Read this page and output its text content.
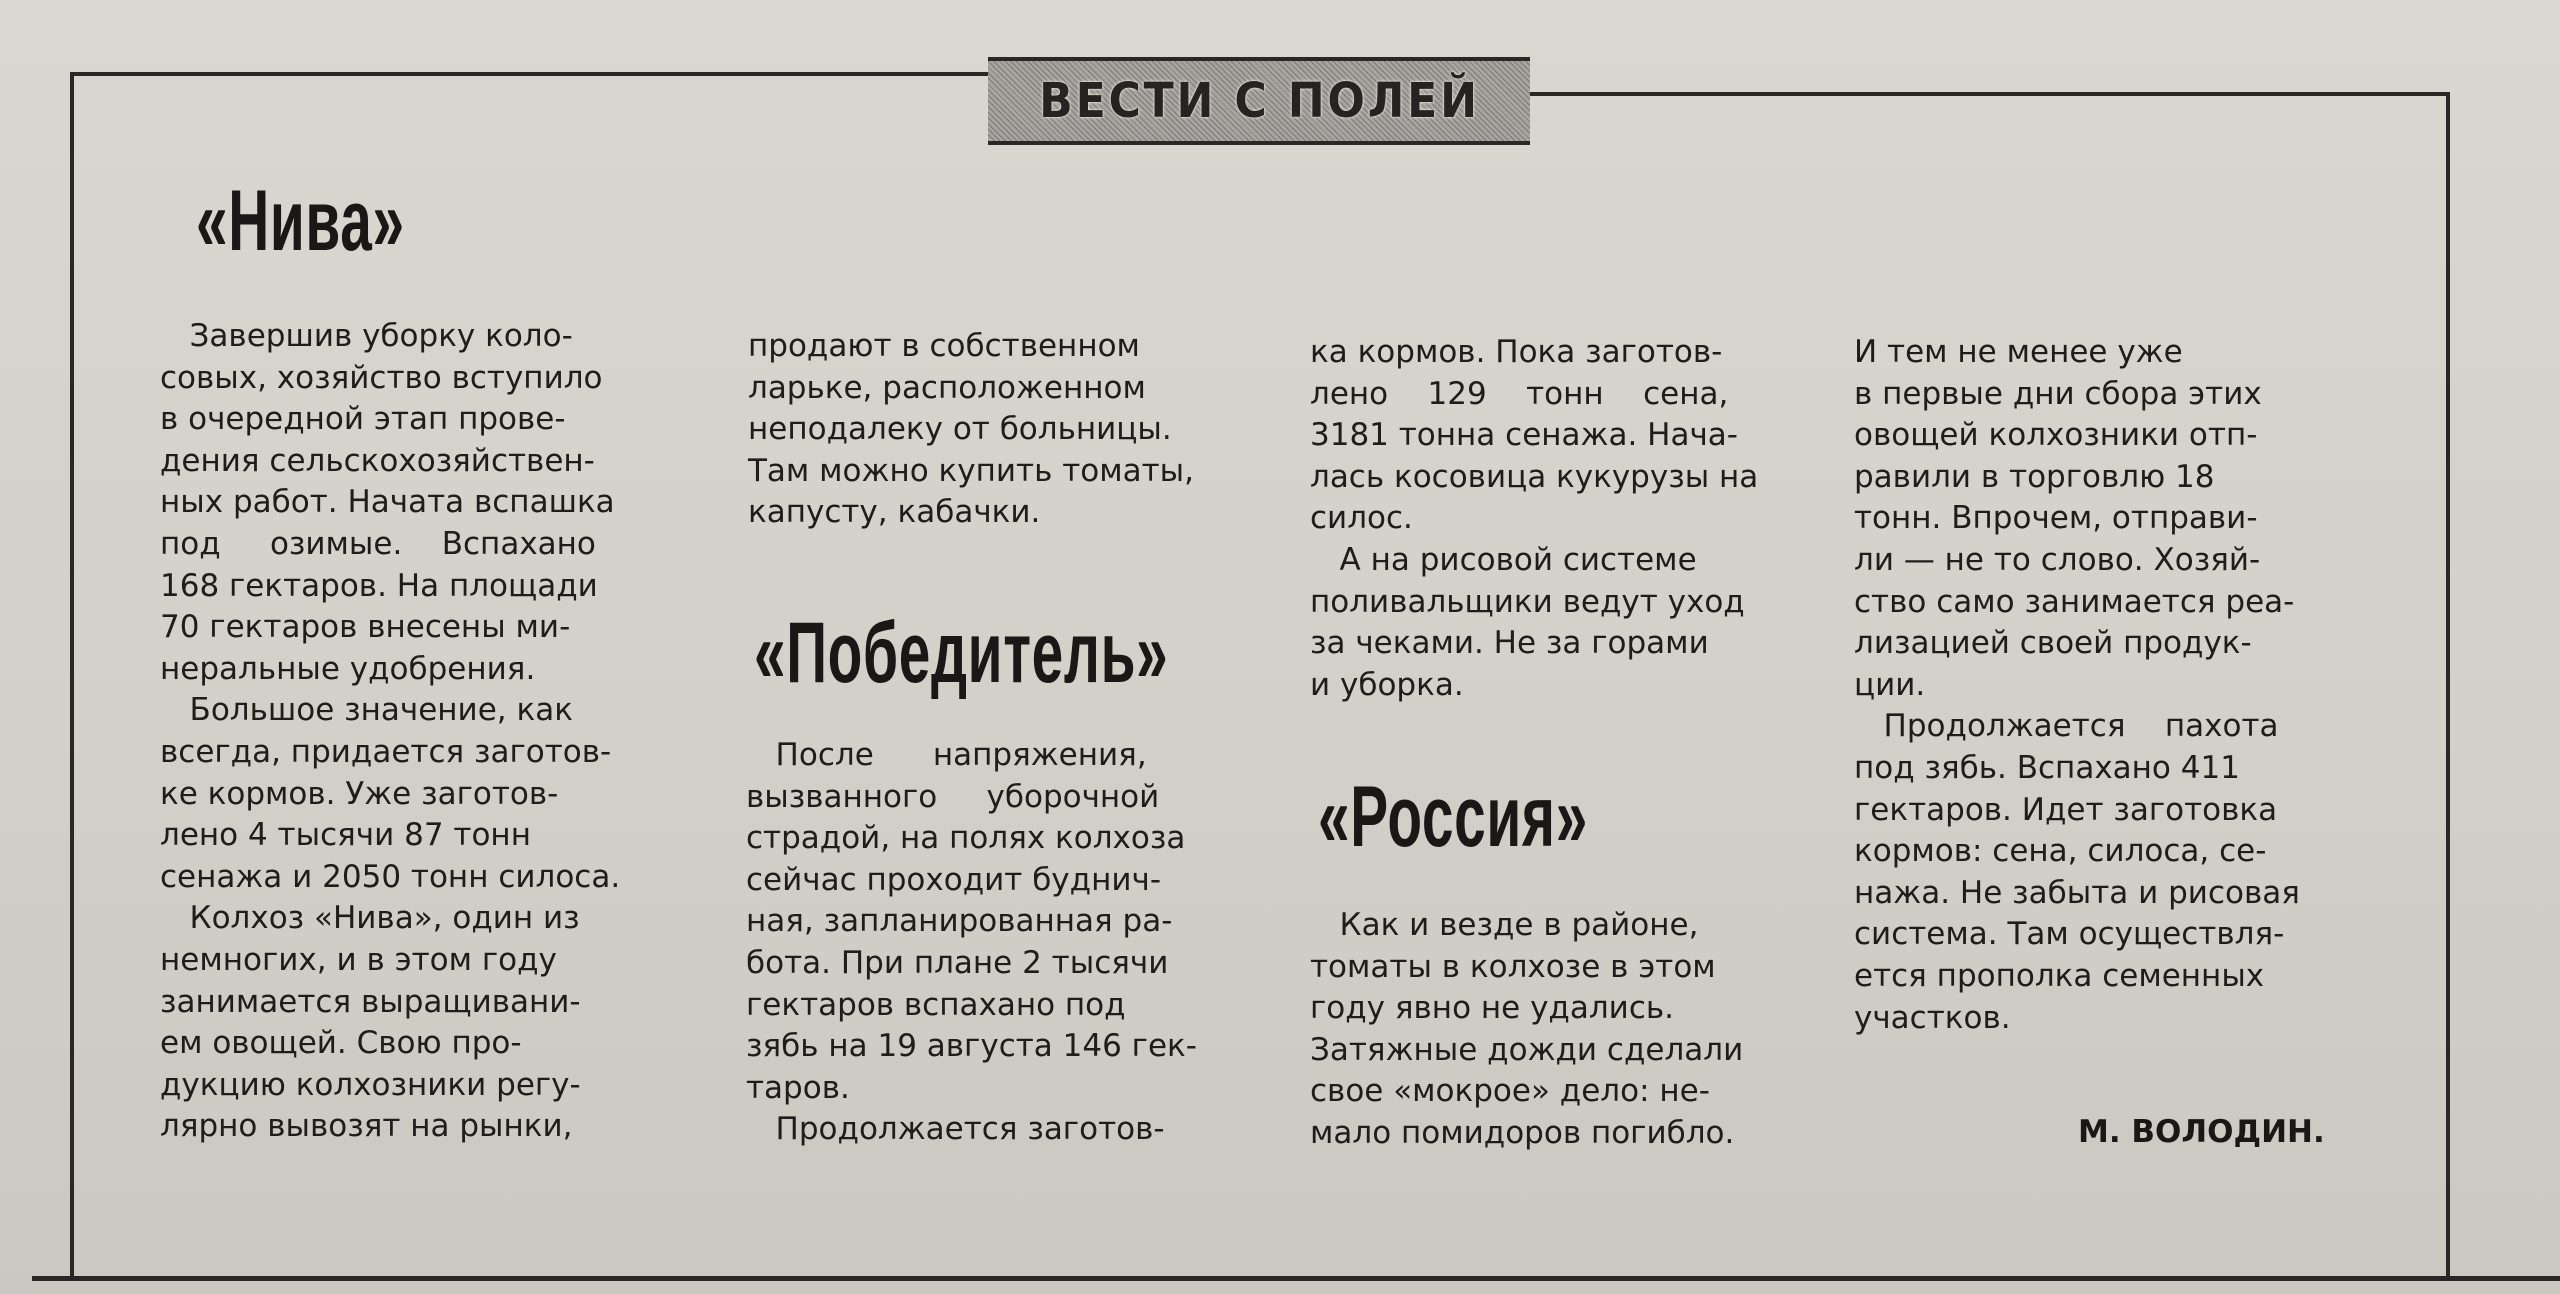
ВЕСТИ С ПОЛЕЙ
«Нива»
Завершив уборку коло-
совых, хозяйство вступило
в очередной этап прове-
дения сельскохозяйствен-
ных работ. Начата вспашка
под     озимые.    Вспахано
168 гектаров. На площади
70 гектаров внесены ми-
неральные удобрения.
Большое значение, как
всегда, придается заготов-
ке кормов. Уже заготов-
лено 4 тысячи 87 тонн
сенажа и 2050 тонн силоса.
Колхоз «Нива», один из
немногих, и в этом году
занимается выращивани-
ем овощей. Свою про-
дукцию колхозники регу-
лярно вывозят на рынки,
продают в собственном
ларьке, расположенном
неподалеку от больницы.
Там можно купить томаты,
капусту, кабачки.
«Победитель»
После      напряжения,
вызванного     уборочной
страдой, на полях колхоза
сейчас проходит буднич-
ная, запланированная ра-
бота. При плане 2 тысячи
гектаров вспахано под
зябь на 19 августа 146 гек-
таров.
Продолжается заготов-
ка кормов. Пока заготов-
лено    129    тонн    сена,
3181 тонна сенажа. Нача-
лась косовица кукурузы на
силос.
А на рисовой системе
поливальщики ведут уход
за чеками. Не за горами
и уборка.
«Россия»
Как и везде в районе,
томаты в колхозе в этом
году явно не удались.
Затяжные дожди сделали
свое «мокрое» дело: не-
мало помидоров погибло.
И тем не менее уже
в первые дни сбора этих
овощей колхозники отп-
равили в торговлю 18
тонн. Впрочем, отправи-
ли — не то слово. Хозяй-
ство само занимается реа-
лизацией своей продук-
ции.
Продолжается    пахота
под зябь. Вспахано 411
гектаров. Идет заготовка
кормов: сена, силоса, се-
нажа. Не забыта и рисовая
система. Там осуществля-
ется прополка семенных
участков.
М. ВОЛОДИН.
